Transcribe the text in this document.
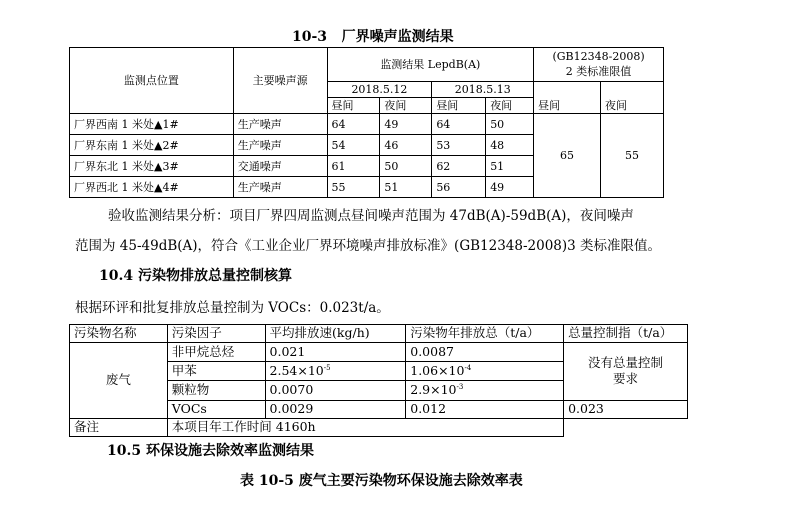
10-3 厂界噪声监测结果
监测点位置	主要噪声源	监测结果 LepdB(A)				(GB12348-2008)
2 类标准限值	
		2018.5.12		2018.5.13		昼间	夜间
		昼间	夜间	昼间	夜间		
厂界西南 1 米处▲1#	生产噪声	64	49	64	50	65	55
厂界东南 1 米处▲2#	生产噪声	54	46	53	48		
厂界东北 1 米处▲3#	交通噪声	61	50	62	51		
厂界西北 1 米处▲4#	生产噪声	55	51	56	49		

验收监测结果分析：项目厂界四周监测点昼间噪声范围为 47dB(A)-59dB(A)，夜间噪声

范围为 45-49dB(A)，符合《工业企业厂界环境噪声排放标准》(GB12348-2008)3 类标准限值。

10.4 污染物排放总量控制核算

根据环评和批复排放总量控制为 VOCs：0.023t/a。

污染物名称	污染因子	平均排放速(kg/h)	污染物年排放总（t/a）	总量控制指（t/a）
废气	非甲烷总烃	0.021	0.0087	没有总量控制
要求
	甲苯	$2.54\times 10^{-5}$	$1.06\times 10^{-4}$
	颗粒物	0.0070	$2.9\times 10^{-3}$
	VOCs	0.0029	0.012	0.023
备注	本项目年工作时间 4160h			
10.5 环保设施去除效率监测结果
表 10-5 废气主要污染物环保设施去除效率表
